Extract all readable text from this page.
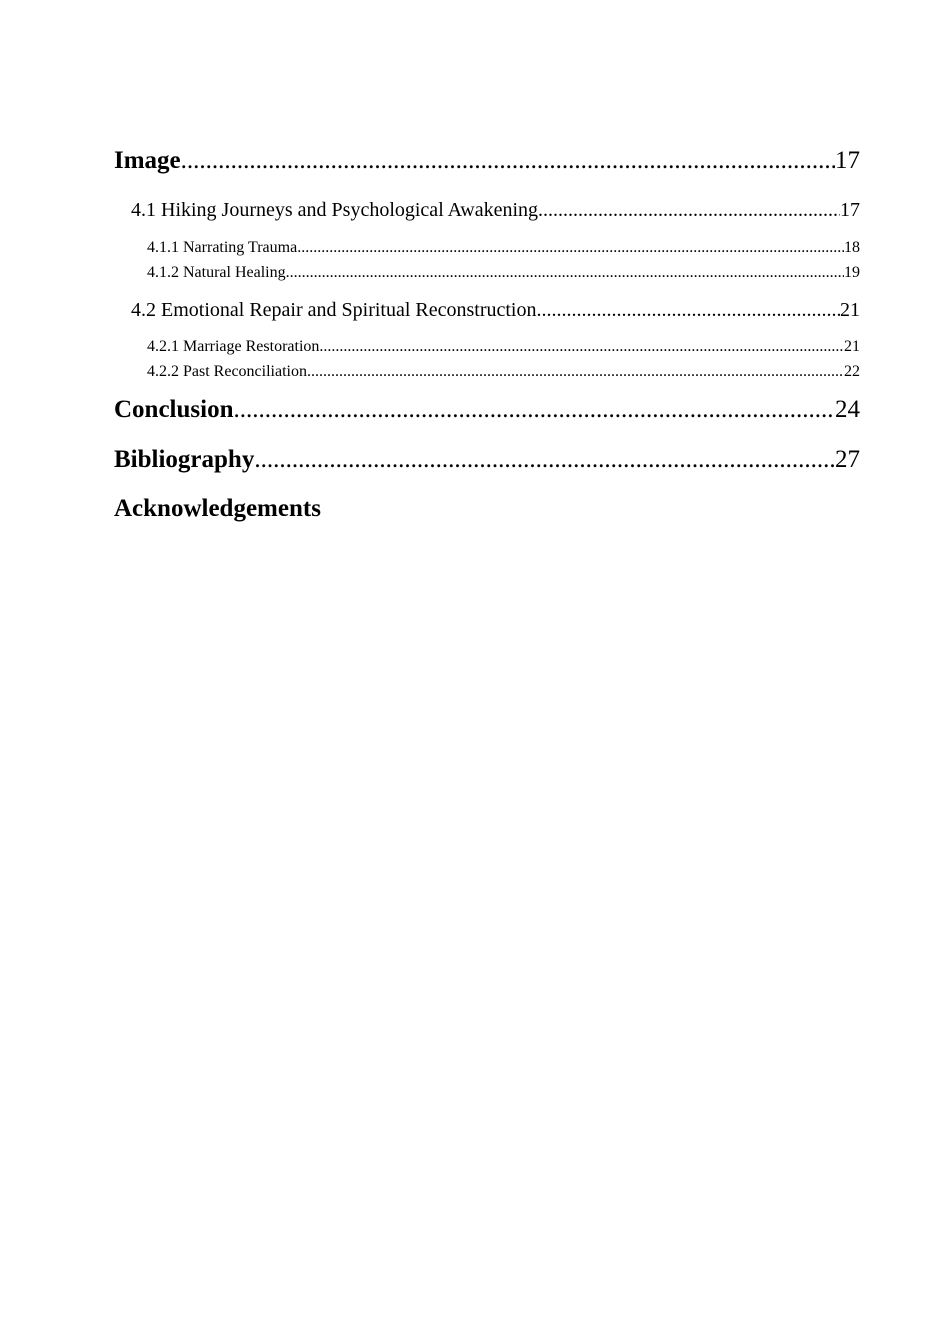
Image .....	17
4.1 Hiking Journeys and Psychological Awakening .....	17
4.1.1 Narrating Trauma .....	18
4.1.2 Natural Healing .....	19
4.2 Emotional Repair and Spiritual Reconstruction .....	21
4.2.1 Marriage Restoration .....	21
4.2.2 Past Reconciliation .....	22
Conclusion .....	24
Bibliography .....	27
Acknowledgements
